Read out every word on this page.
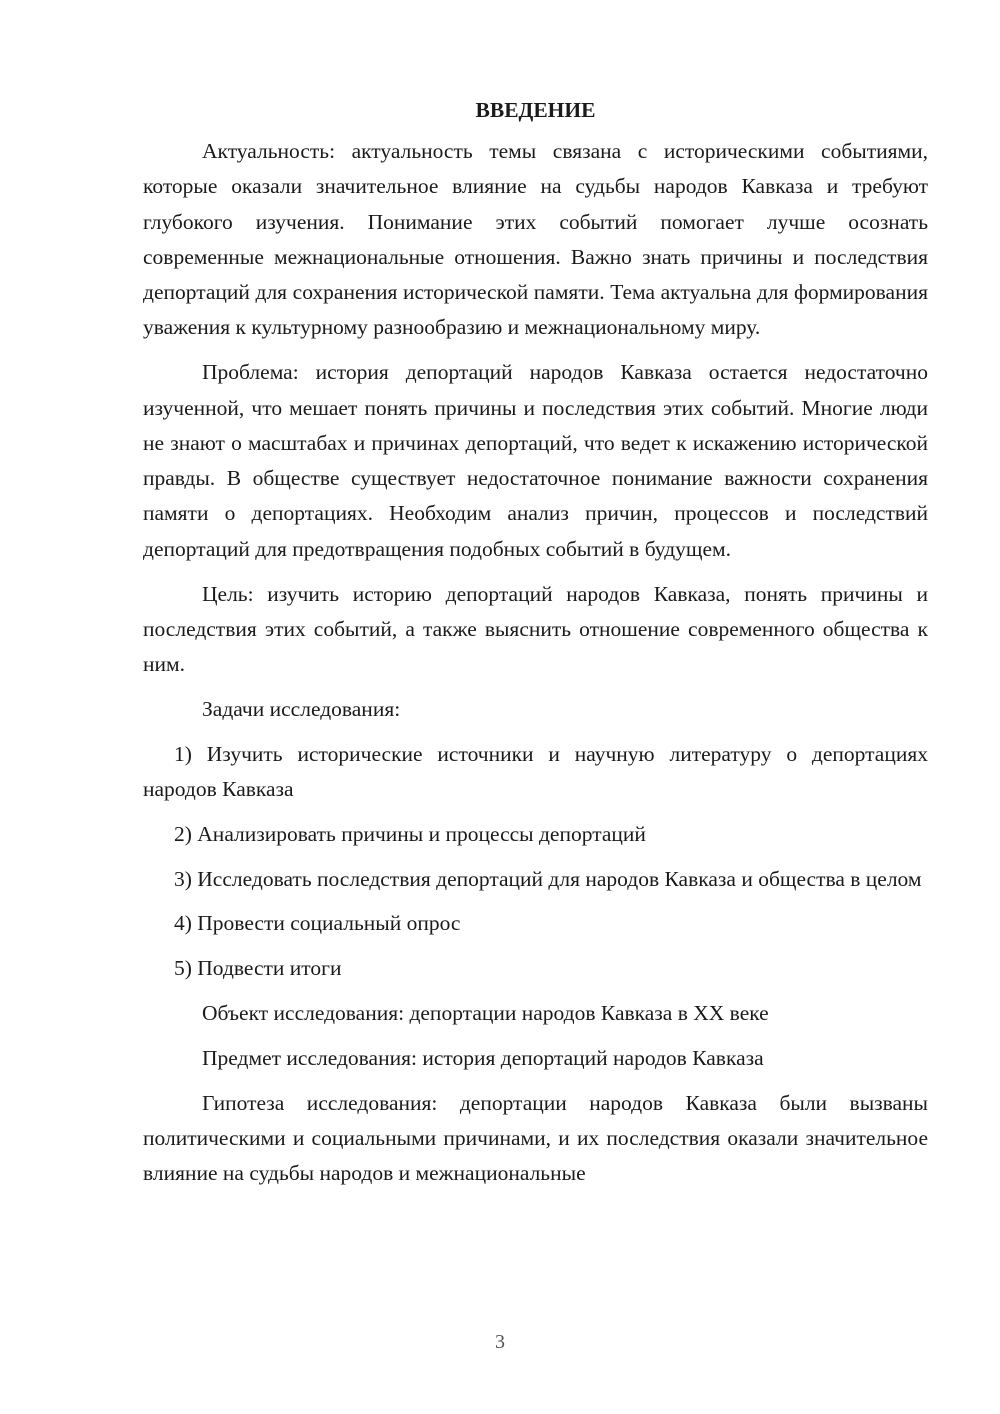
ВВЕДЕНИЕ

Актуальность: актуальность темы связана с историческими событиями, которые оказали значительное влияние на судьбы народов Кавказа и требуют глубокого изучения. Понимание этих событий помогает лучше осознать современные межнациональные отношения. Важно знать причины и последствия депортаций для сохранения исторической памяти. Тема актуальна для формирования уважения к культурному разнообразию и межнациональному миру.

Проблема: история депортаций народов Кавказа остается недостаточно изученной, что мешает понять причины и последствия этих событий. Многие люди не знают о масштабах и причинах депортаций, что ведет к искажению исторической правды. В обществе существует недостаточное понимание важности сохранения памяти о депортациях. Необходим анализ причин, процессов и последствий депортаций для предотвращения подобных событий в будущем.

Цель: изучить историю депортаций народов Кавказа, понять причины и последствия этих событий, а также выяснить отношение современного общества к ним.

Задачи исследования:

1) Изучить исторические источники и научную литературу о депортациях народов Кавказа

2) Анализировать причины и процессы депортаций

3) Исследовать последствия депортаций для народов Кавказа и общества в целом

4) Провести социальный опрос

5) Подвести итоги

Объект исследования: депортации народов Кавказа в XX веке

Предмет исследования: история депортаций народов Кавказа

Гипотеза исследования: депортации народов Кавказа были вызваны политическими и социальными причинами, и их последствия оказали значительное влияние на судьбы народов и межнациональные

3
